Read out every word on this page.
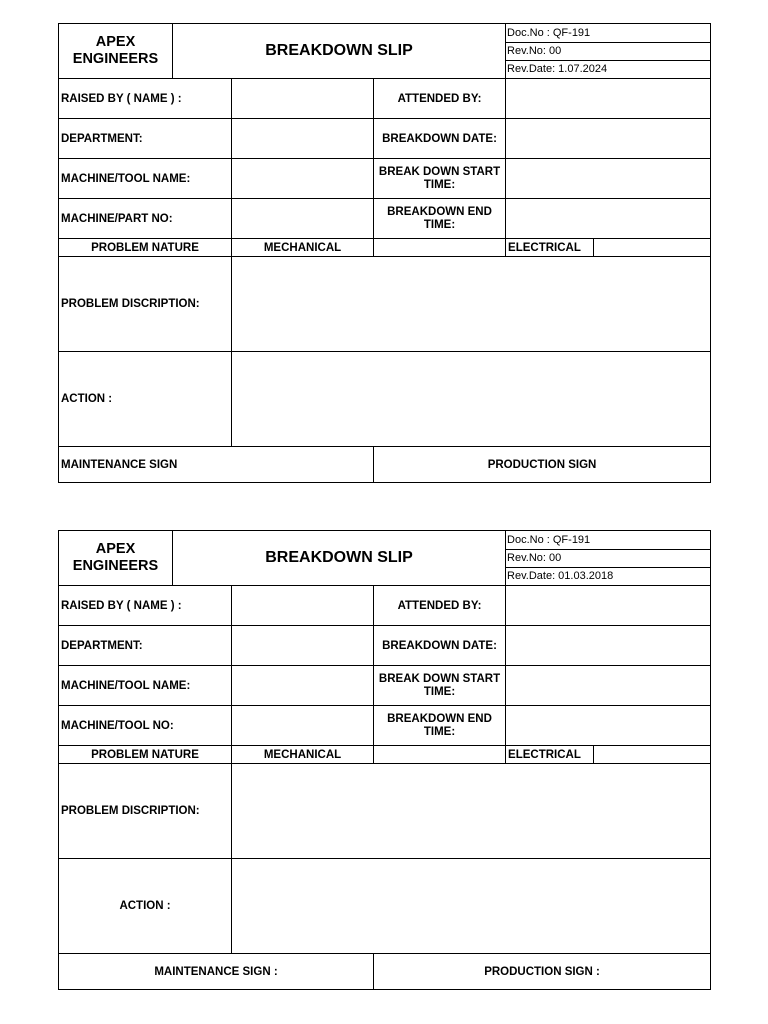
APEX
ENGINEERS	BREAKDOWN SLIP	
Doc.No : QF-191
Rev.No: 00
Rev.Date: 1.07.2024

RAISED BY ( NAME ) :		ATTENDED BY:	
DEPARTMENT:		BREAKDOWN DATE:	
MACHINE/TOOL NAME:		BREAK DOWN START TIME:	
MACHINE/PART NO:		BREAKDOWN END TIME:	
PROBLEM NATURE	MECHANICAL		ELECTRICAL	
PROBLEM DISCRIPTION:	
ACTION :	
MAINTENANCE SIGN	PRODUCTION SIGN
APEX
ENGINEERS	BREAKDOWN SLIP	
Doc.No : QF-191
Rev.No: 00
Rev.Date: 01.03.2018

RAISED BY ( NAME ) :		ATTENDED BY:	
DEPARTMENT:		BREAKDOWN DATE:	
MACHINE/TOOL NAME:		BREAK DOWN START TIME:	
MACHINE/TOOL NO:		BREAKDOWN END TIME:	
PROBLEM NATURE	MECHANICAL		ELECTRICAL	
PROBLEM DISCRIPTION:	
ACTION :	
MAINTENANCE SIGN :	PRODUCTION SIGN :
